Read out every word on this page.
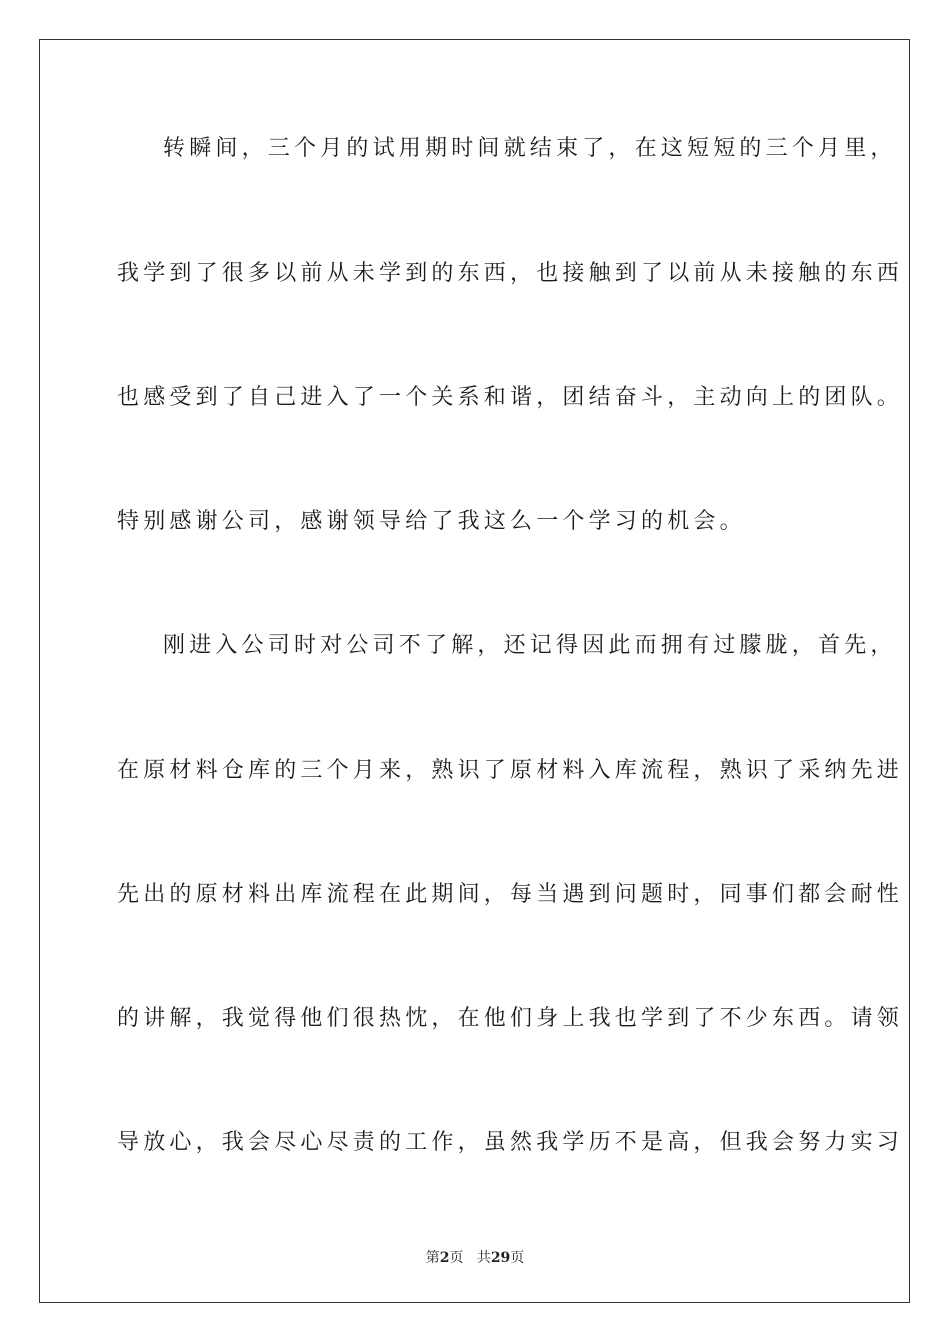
转瞬间，三个月的试用期时间就结束了，在这短短的三个月里，
我学到了很多以前从未学到的东西，也接触到了以前从未接触的东西
也感受到了自己进入了一个关系和谐，团结奋斗，主动向上的团队。
特别感谢公司，感谢领导给了我这么一个学习的机会。
刚进入公司时对公司不了解，还记得因此而拥有过朦胧，首先，
在原材料仓库的三个月来，熟识了原材料入库流程，熟识了采纳先进
先出的原材料出库流程在此期间，每当遇到问题时，同事们都会耐性
的讲解，我觉得他们很热忱，在他们身上我也学到了不少东西。请领
导放心，我会尽心尽责的工作，虽然我学历不是高，但我会努力实习
第2页 共29页
